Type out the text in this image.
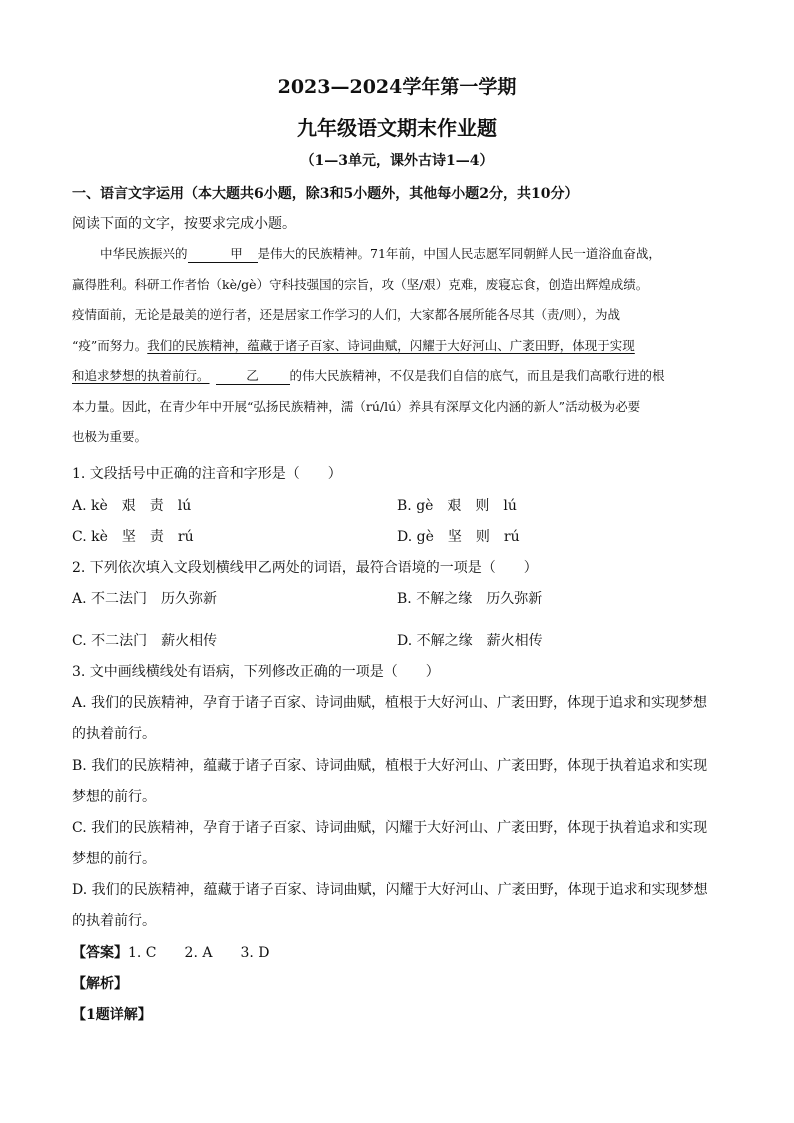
2023—2024学年第一学期
九年级语文期末作业题
（1—3单元，课外古诗1—4）
一、语言文字运用（本大题共6小题，除3和5小题外，其他每小题2分，共10分）
阅读下面的文字，按要求完成小题。

中华民族振兴的	甲 是伟大的民族精神。71年前，中国人民志愿军同朝鲜人民一道浴血奋战，

赢得胜利。科研工作者怡（kè/gè）守科技强国的宗旨，攻（坚/艰）克难，废寝忘食，创造出辉煌成绩。

疫情面前，无论是最美的逆行者，还是居家工作学习的人们，大家都各展所能各尽其（责/则），为战

“疫”而努力。我们的民族精神，蕴藏于诸子百家、诗词曲赋，闪耀于大好河山、广袤田野，体现于实现

和追求梦想的执着前行。	乙 的伟大民族精神，不仅是我们自信的底气，而且是我们高歌行进的根

本力量。因此，在青少年中开展“弘扬民族精神，濡（rú/lú）养具有深厚文化内涵的新人”活动极为必要

也极为重要。

1. 文段括号中正确的注音和字形是（　　）
A. kè　艰　责　lú	B. gè　艰　则　lú
C. kè　坚　责　rú	D. gè　坚　则　rú
2. 下列依次填入文段划横线甲乙两处的词语，最符合语境的一项是（　　）
A. 不二法门　历久弥新	B. 不解之缘　历久弥新
C. 不二法门　薪火相传	D. 不解之缘　薪火相传
3. 文中画线横线处有语病，下列修改正确的一项是（　　）
A. 我们的民族精神，孕育于诸子百家、诗词曲赋，植根于大好河山、广袤田野，体现于追求和实现梦想
的执着前行。
B. 我们的民族精神，蕴藏于诸子百家、诗词曲赋，植根于大好河山、广袤田野，体现于执着追求和实现
梦想的前行。
C. 我们的民族精神，孕育于诸子百家、诗词曲赋，闪耀于大好河山、广袤田野，体现于执着追求和实现
梦想的前行。
D. 我们的民族精神，蕴藏于诸子百家、诗词曲赋，闪耀于大好河山、广袤田野，体现于追求和实现梦想
的执着前行。
【答案】1. C 2. A 3. D
【解析】
【1题详解】
